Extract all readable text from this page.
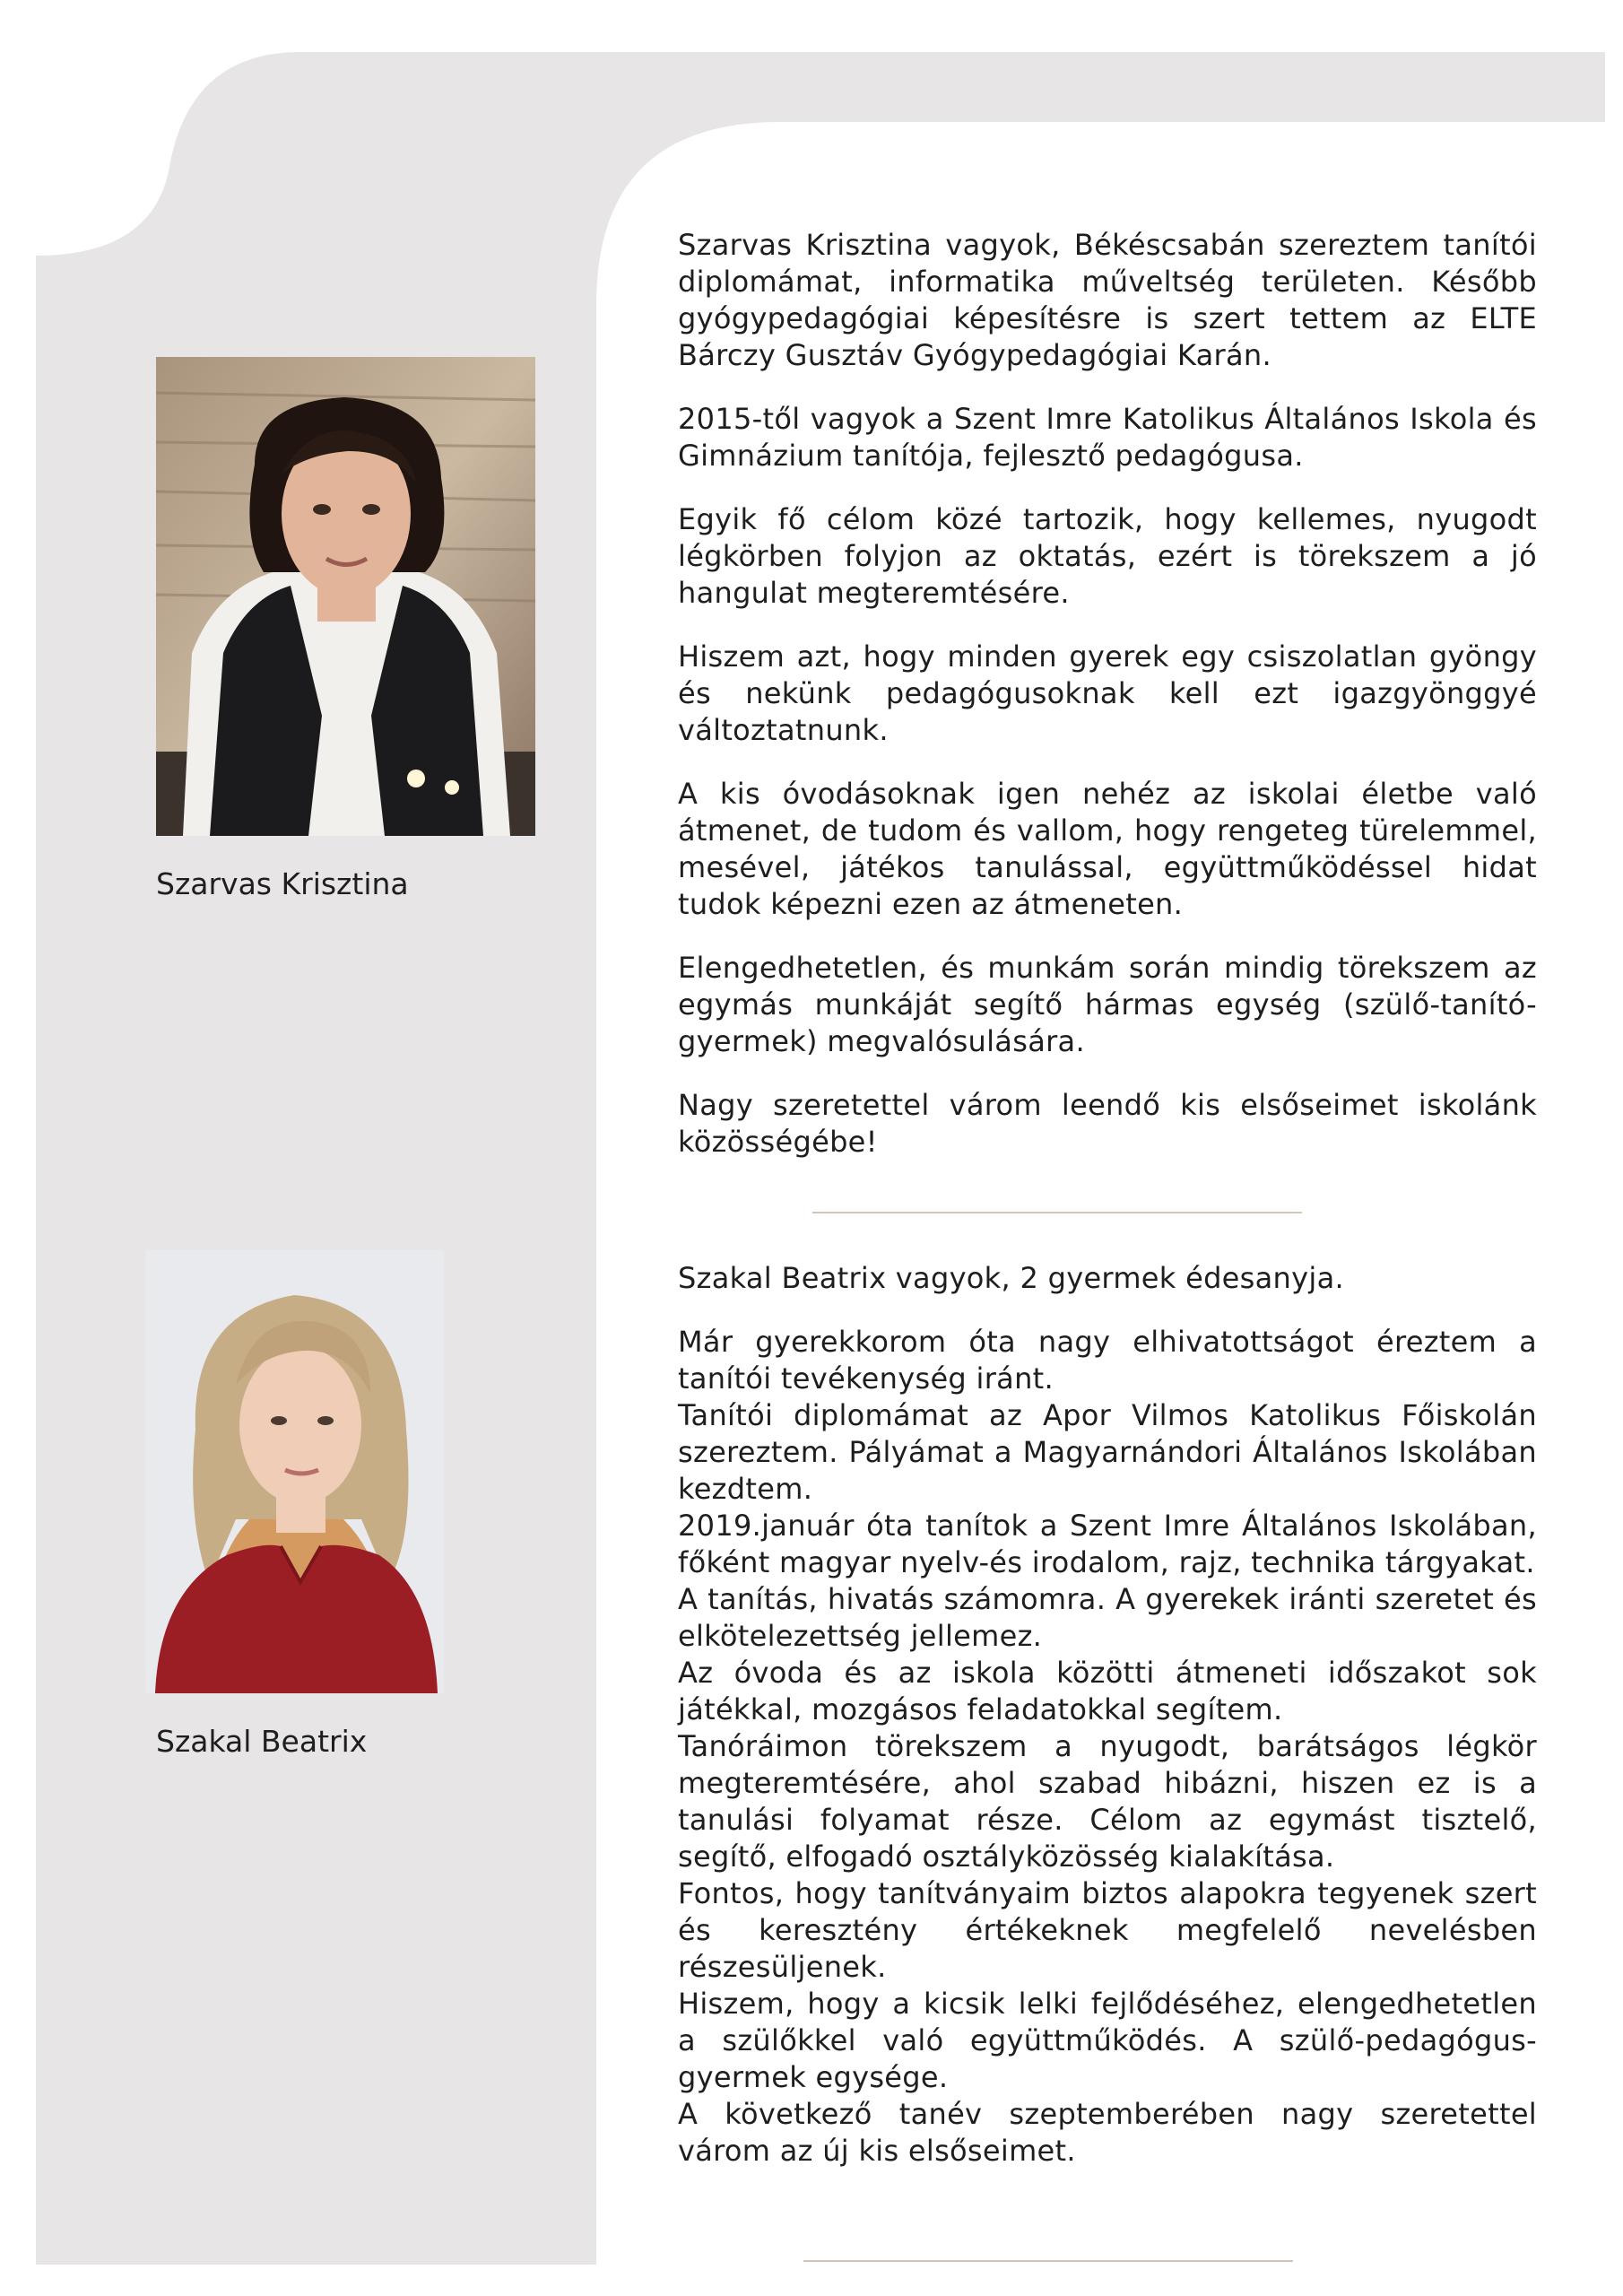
Szarvas Krisztina

Szarvas Krisztina vagyok, Békéscsabán szereztem tanítói diplomámat, informatika műveltség területen. Később gyógypedagógiai képesítésre is szert tettem az ELTE Bárczy Gusztáv Gyógypedagógiai Karán.

2015-től vagyok a Szent Imre Katolikus Általános Iskola és Gimnázium tanítója, fejlesztő pedagógusa.

Egyik fő célom közé tartozik, hogy kellemes, nyugodt légkörben folyjon az oktatás, ezért is törekszem a jó hangulat megteremtésére.

Hiszem azt, hogy minden gyerek egy csiszolatlan gyöngy és nekünk pedagógusoknak kell ezt igazgyönggyé változtatnunk.

A kis óvodásoknak igen nehéz az iskolai életbe való átmenet, de tudom és vallom, hogy rengeteg türelemmel, mesével, játékos tanulással, együttműködéssel hidat tudok képezni ezen az átmeneten.

Elengedhetetlen, és munkám során mindig törekszem az egymás munkáját segítő hármas egység (szülő-tanító-gyermek) megvalósulására.

Nagy szeretettel várom leendő kis elsőseimet iskolánk közösségébe!

Szakal Beatrix

Szakal Beatrix vagyok, 2 gyermek édesanyja.

Már gyerekkorom óta nagy elhivatottságot éreztem a tanítói tevékenység iránt.

Tanítói diplomámat az Apor Vilmos Katolikus Főiskolán szereztem. Pályámat a Magyarnándori Általános Iskolában kezdtem.

2019.január óta tanítok a Szent Imre Általános Iskolában, főként magyar nyelv-és irodalom, rajz, technika tárgyakat.

A tanítás, hivatás számomra. A gyerekek iránti szeretet és elkötelezettség jellemez.

Az óvoda és az iskola közötti átmeneti időszakot sok játékkal, mozgásos feladatokkal segítem.

Tanóráimon törekszem a nyugodt, barátságos légkör megteremtésére, ahol szabad hibázni, hiszen ez is a tanulási folyamat része. Célom az egymást tisztelő, segítő, elfogadó osztályközösség kialakítása.

Fontos, hogy tanítványaim biztos alapokra tegyenek szert és keresztény értékeknek megfelelő nevelésben részesüljenek.

Hiszem, hogy a kicsik lelki fejlődéséhez, elengedhetetlen a szülőkkel való együttműködés. A szülő-pedagógus-gyermek egysége.

A következő tanév szeptemberében nagy szeretettel várom az új kis elsőseimet.
